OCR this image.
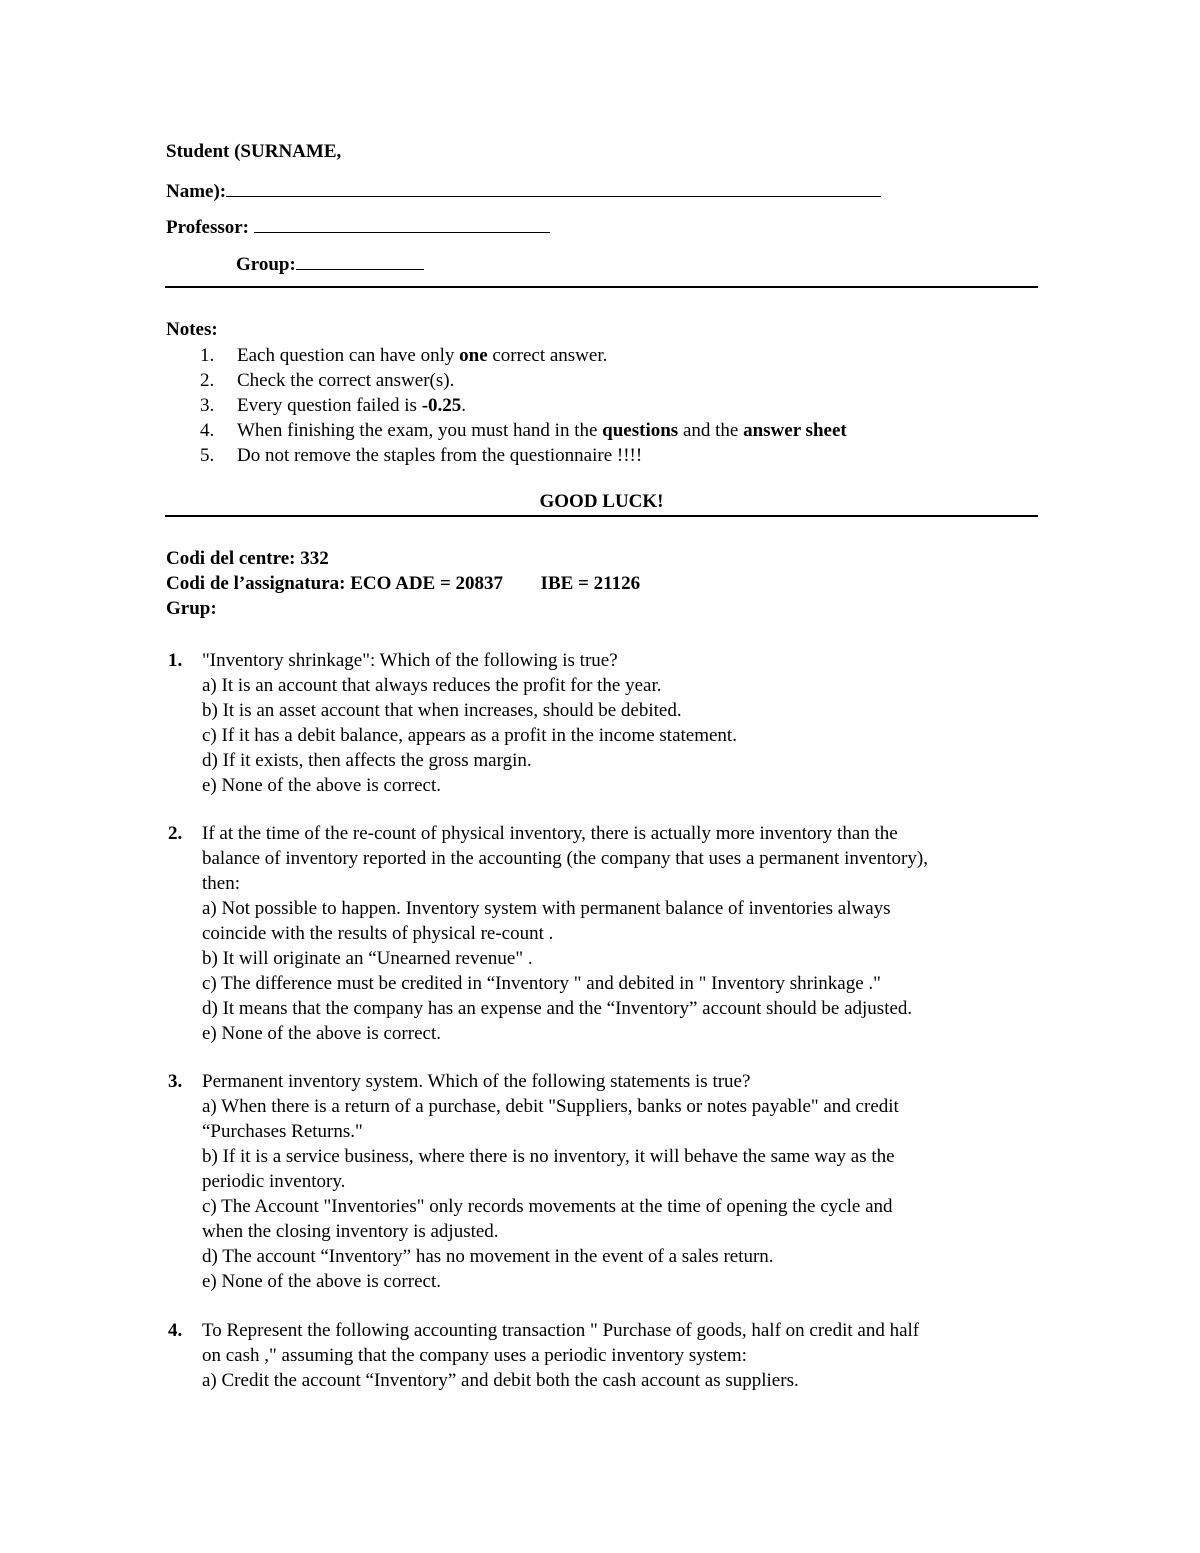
Student (SURNAME,
Name):
Professor:
Group:
Notes:
1. Each question can have only one correct answer.
2. Check the correct answer(s).
3. Every question failed is -0.25.
4. When finishing the exam, you must hand in the questions and the answer sheet
5. Do not remove the staples from the questionnaire !!!!
GOOD LUCK!
Codi del centre: 332
Codi de l’assignatura: ECO ADE = 20837 IBE = 21126
Grup:
1. "Inventory shrinkage": Which of the following is true?
a) It is an account that always reduces the profit for the year.
b) It is an asset account that when increases, should be debited.
c) If it has a debit balance, appears as a profit in the income statement.
d) If it exists, then affects the gross margin.
e) None of the above is correct.
2. If at the time of the re-count of physical inventory, there is actually more inventory than the
balance of inventory reported in the accounting (the company that uses a permanent inventory),
then:
a) Not possible to happen. Inventory system with permanent balance of inventories always
coincide with the results of physical re-count .
b) It will originate an “Unearned revenue" .
c) The difference must be credited in “Inventory " and debited in " Inventory shrinkage ."
d) It means that the company has an expense and the “Inventory” account should be adjusted.
e) None of the above is correct.
3. Permanent inventory system. Which of the following statements is true?
a) When there is a return of a purchase, debit "Suppliers, banks or notes payable" and credit
“Purchases Returns."
b) If it is a service business, where there is no inventory, it will behave the same way as the
periodic inventory.
c) The Account "Inventories" only records movements at the time of opening the cycle and
when the closing inventory is adjusted.
d) The account “Inventory” has no movement in the event of a sales return.
e) None of the above is correct.
4. To Represent the following accounting transaction " Purchase of goods, half on credit and half
on cash ," assuming that the company uses a periodic inventory system:
a) Credit the account “Inventory” and debit both the cash account as suppliers.
